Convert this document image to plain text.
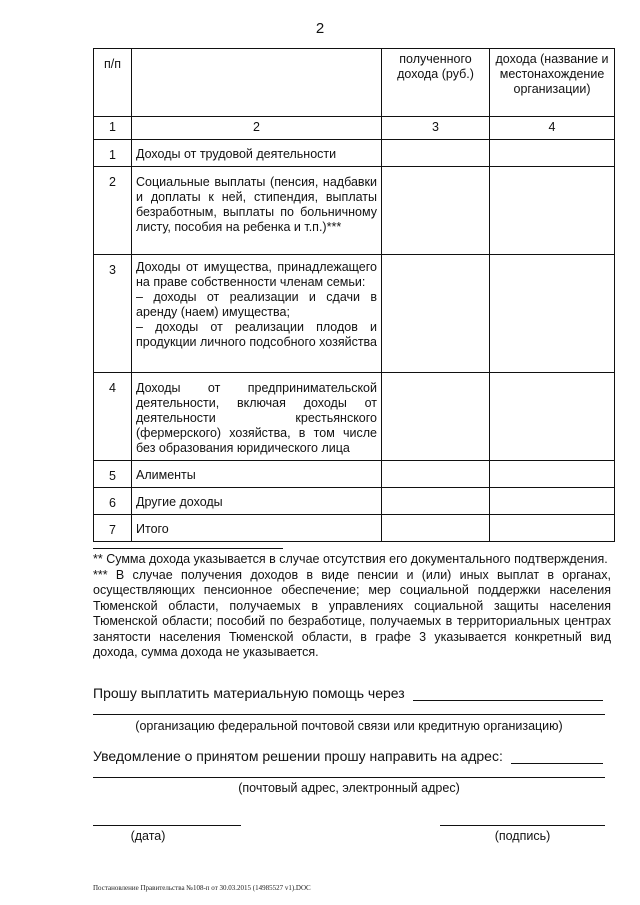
2
п/п		полученного дохода (руб.)	дохода (название и местонахождение организации)
1	2	3	4
1	Доходы от трудовой деятельности		
2	Социальные выплаты (пенсия, надбавки и доплаты к ней, стипендия, выплаты безработным, выплаты по больничному листу, пособия на ребенка и т.п.)***		
3	Доходы от имущества, принадлежащего на праве собственности членам семьи:
– доходы от реализации и сдачи в аренду (наем) имущества;
– доходы от реализации плодов и продукции личного подсобного хозяйства		

4	Доходы от предпринимательской деятельности, включая доходы от деятельности крестьянского (фермерского) хозяйства, в том числе без образования юридического лица		
5	Алименты		
6	Другие доходы		
7	Итого		

** Сумма дохода указывается в случае отсутствия его документального подтверждения.

*** В случае получения доходов в виде пенсии и (или) иных выплат в органах, осуществляющих пенсионное обеспечение; мер социальной поддержки населения Тюменской области, получаемых в управлениях социальной защиты населения Тюменской области; пособий по безработице, получаемых в территориальных центрах занятости населения Тюменской области, в графе 3 указывается конкретный вид дохода, сумма дохода не указывается.

Прошу выплатить материальную помощь через
(организацию федеральной почтовой связи или кредитную организацию)
Уведомление о принятом решении прошу направить на адрес:
(почтовый адрес, электронный адрес)
(дата)	(подпись)
Постановление Правительства №108-п от 30.03.2015 (14985527 v1).DOC
